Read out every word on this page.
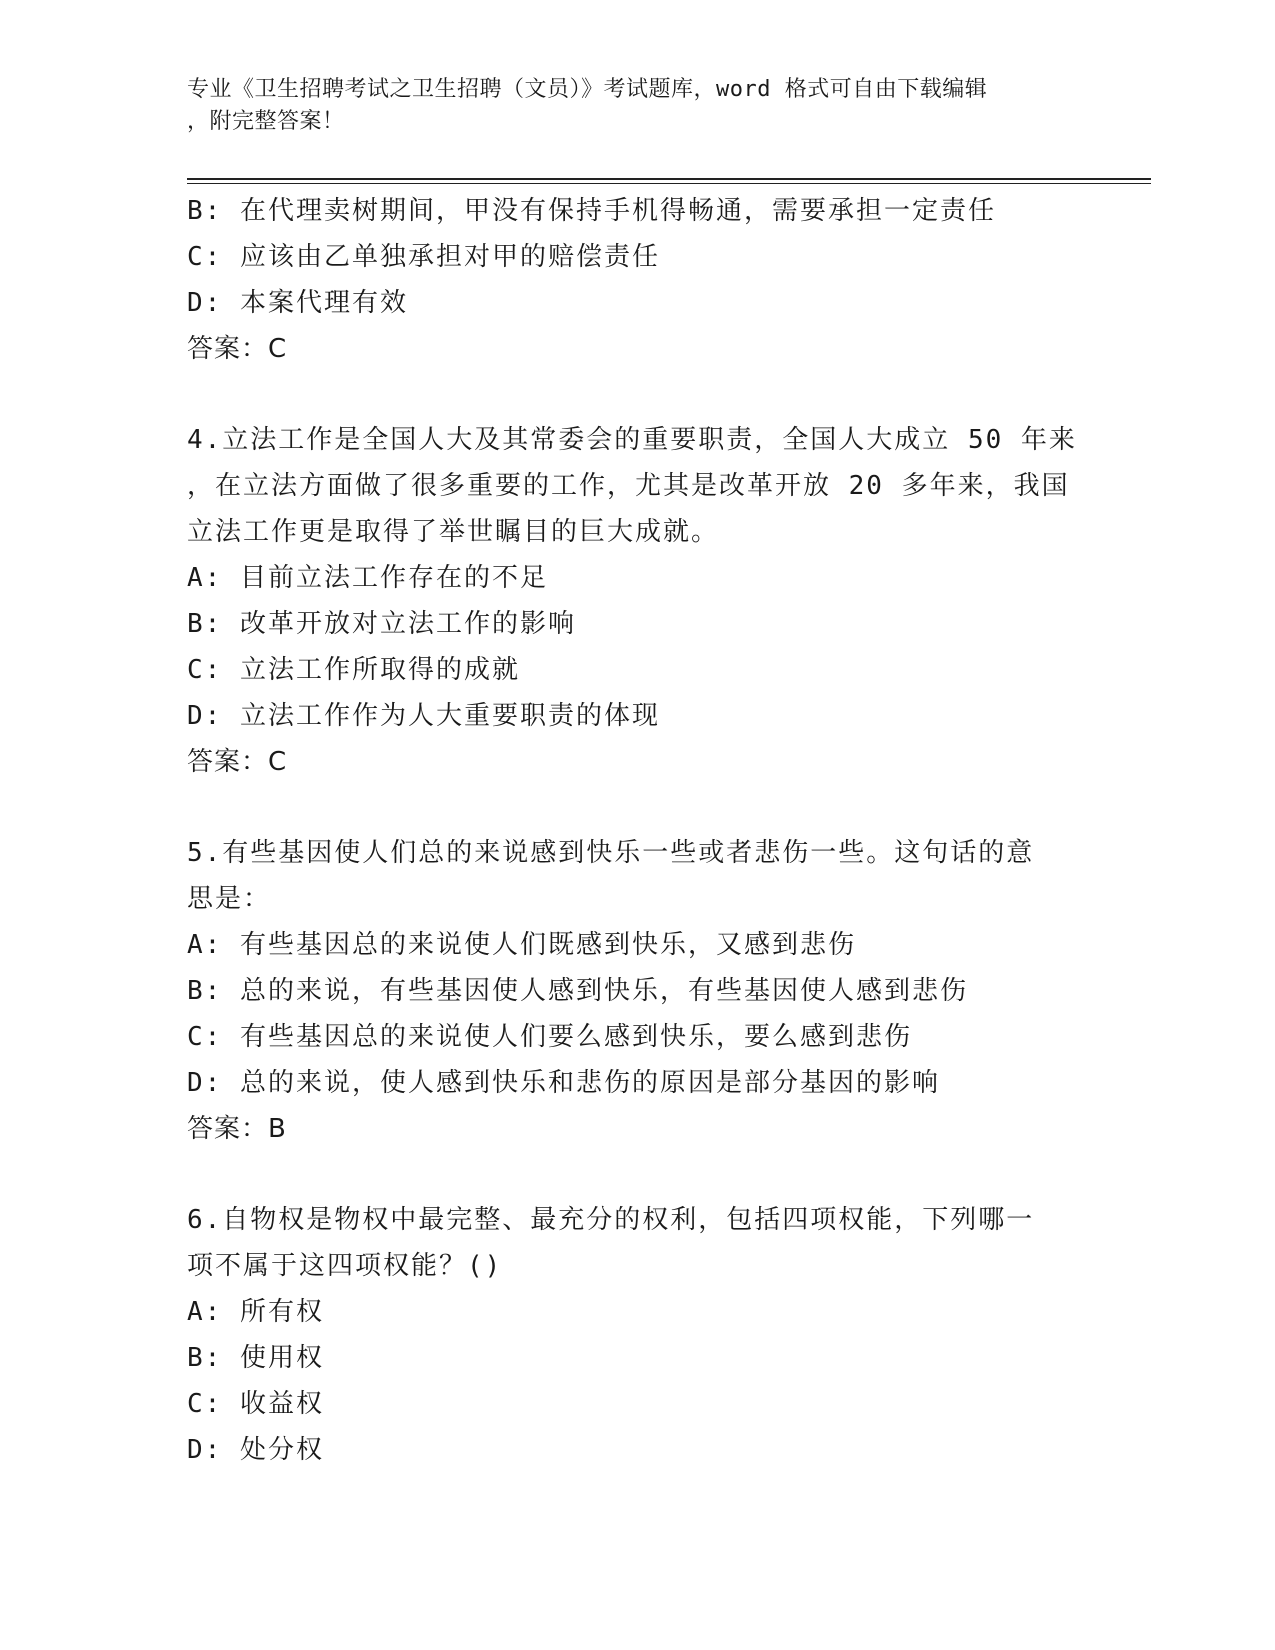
专业《卫生招聘考试之卫生招聘（文员）》考试题库，word 格式可自由下载编辑
，附完整答案！
B: 在代理卖树期间，甲没有保持手机得畅通，需要承担一定责任
C: 应该由乙单独承担对甲的赔偿责任
D: 本案代理有效
答案：C
4.立法工作是全国人大及其常委会的重要职责，全国人大成立 50 年来
，在立法方面做了很多重要的工作，尤其是改革开放 20 多年来，我国
立法工作更是取得了举世瞩目的巨大成就。
A: 目前立法工作存在的不足
B: 改革开放对立法工作的影响
C: 立法工作所取得的成就
D: 立法工作作为人大重要职责的体现
答案：C
5.有些基因使人们总的来说感到快乐一些或者悲伤一些。这句话的意
思是：
A: 有些基因总的来说使人们既感到快乐，又感到悲伤
B: 总的来说，有些基因使人感到快乐，有些基因使人感到悲伤
C: 有些基因总的来说使人们要么感到快乐，要么感到悲伤
D: 总的来说，使人感到快乐和悲伤的原因是部分基因的影响
答案：B
6.自物权是物权中最完整、最充分的权利，包括四项权能，下列哪一
项不属于这四项权能？()
A: 所有权
B: 使用权
C: 收益权
D: 处分权
